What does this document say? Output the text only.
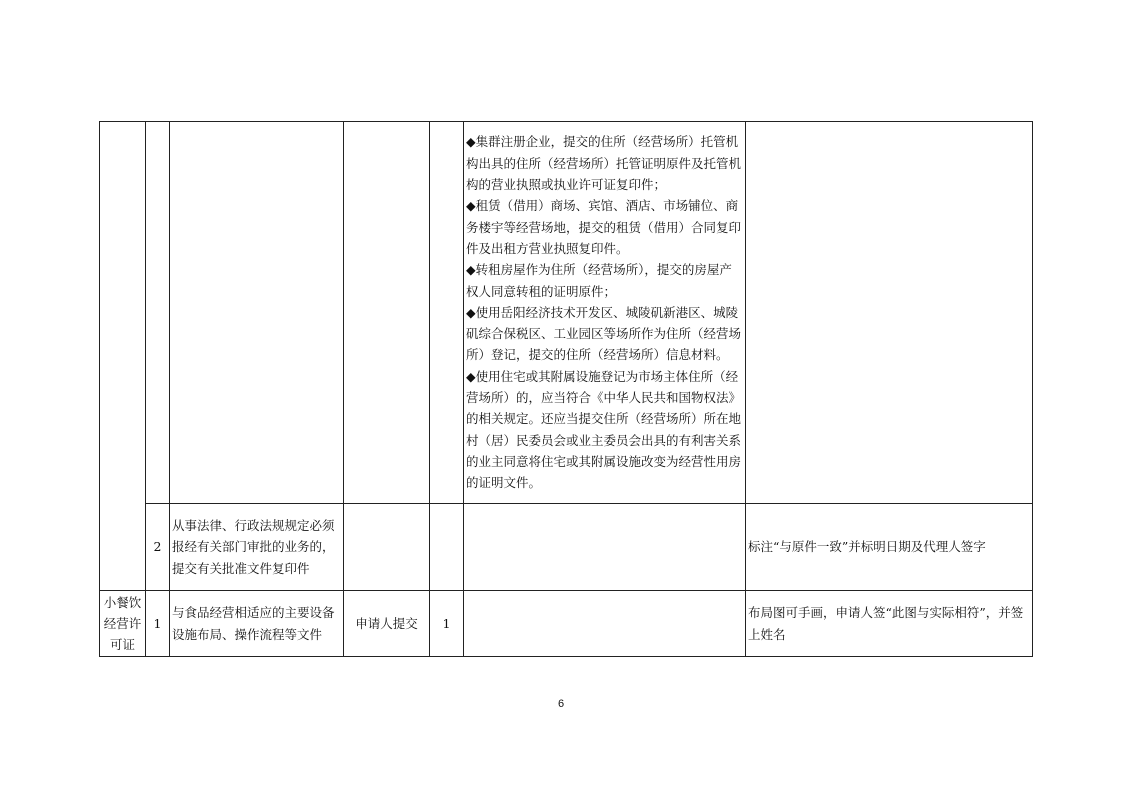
					◆集群注册企业，提交的住所（经营场所）托管机构出具的住所（经营场所）托管证明原件及托管机构的营业执照或执业许可证复印件；
◆租赁（借用）商场、宾馆、酒店、市场铺位、商务楼宇等经营场地，提交的租赁（借用）合同复印件及出租方营业执照复印件。
◆转租房屋作为住所（经营场所），提交的房屋产权人同意转租的证明原件；
◆使用岳阳经济技术开发区、城陵矶新港区、城陵矶综合保税区、工业园区等场所作为住所（经营场所）登记，提交的住所（经营场所）信息材料。
◆使用住宅或其附属设施登记为市场主体住所（经营场所）的，应当符合《中华人民共和国物权法》的相关规定。还应当提交住所（经营场所）所在地村（居）民委员会或业主委员会出具的有利害关系的业主同意将住宅或其附属设施改变为经营性用房的证明文件。	

	2	从事法律、行政法规规定必须报经有关部门审批的业务的，提交有关批准文件复印件				标注“与原件一致”并标明日期及代理人签字

小餐饮
经营许
可证	1	与食品经营相适应的主要设备设施布局、操作流程等文件	申请人提交	1		布局图可手画，申请人签“此图与实际相符”，并签上姓名
6
